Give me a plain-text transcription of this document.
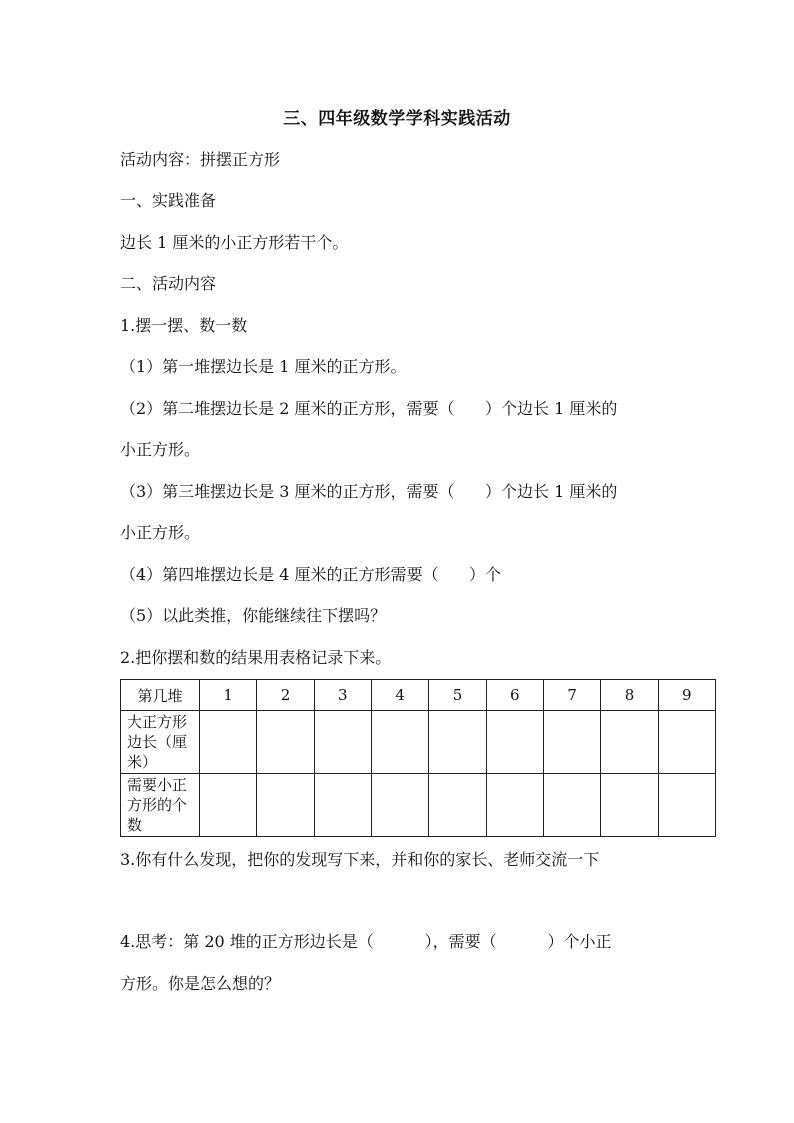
三、四年级数学学科实践活动
活动内容：拼摆正方形
一、实践准备
边长 1 厘米的小正方形若干个。
二、活动内容
1.摆一摆、数一数
（1）第一堆摆边长是 1 厘米的正方形。
（2）第二堆摆边长是 2 厘米的正方形，需要（      ）个边长 1 厘米的
小正方形。
（3）第三堆摆边长是 3 厘米的正方形，需要（      ）个边长 1 厘米的
小正方形。
（4）第四堆摆边长是 4 厘米的正方形需要（      ）个
（5）以此类推，你能继续往下摆吗？
2.把你摆和数的结果用表格记录下来。
第几堆	1	2	3	4	5	6	7	8	9
大正方形边长（厘米）									
需要小正方形的个数									
3.你有什么发现，把你的发现写下来，并和你的家长、老师交流一下
4.思考：第 20 堆的正方形边长是（          ），需要（          ）个小正
方形。你是怎么想的？
